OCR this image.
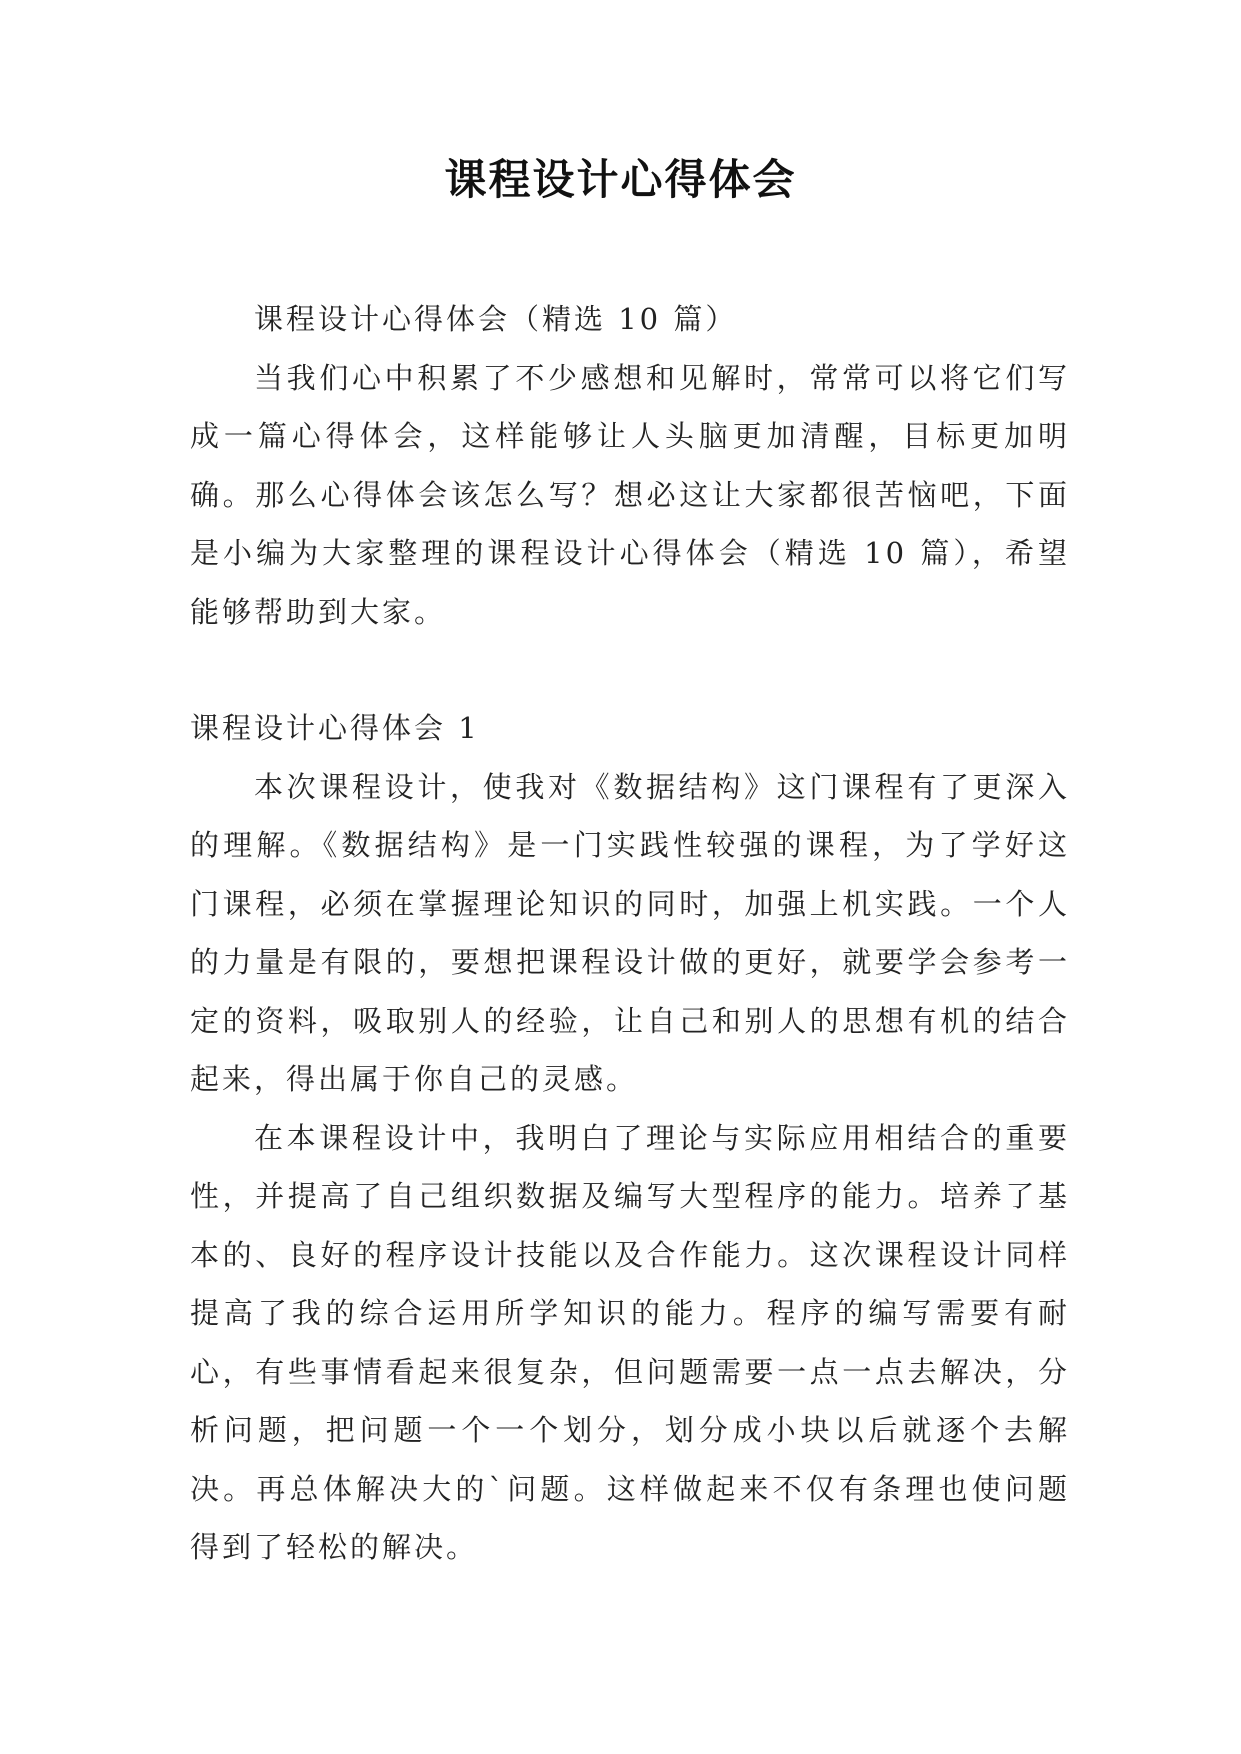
课程设计心得体会

课程设计心得体会（精选 10 篇）

当我们心中积累了不少感想和见解时，常常可以将它们写成一篇心得体会，这样能够让人头脑更加清醒，目标更加明确。那么心得体会该怎么写？想必这让大家都很苦恼吧，下面是小编为大家整理的课程设计心得体会（精选 10 篇），希望能够帮助到大家。

课程设计心得体会 1

本次课程设计，使我对《数据结构》这门课程有了更深入的理解。《数据结构》是一门实践性较强的课程，为了学好这门课程，必须在掌握理论知识的同时，加强上机实践。一个人的力量是有限的，要想把课程设计做的更好，就要学会参考一定的资料，吸取别人的经验，让自己和别人的思想有机的结合起来，得出属于你自己的灵感。

在本课程设计中，我明白了理论与实际应用相结合的重要性，并提高了自己组织数据及编写大型程序的能力。培养了基本的、良好的程序设计技能以及合作能力。这次课程设计同样提高了我的综合运用所学知识的能力。程序的编写需要有耐心，有些事情看起来很复杂，但问题需要一点一点去解决，分析问题，把问题一个一个划分，划分成小块以后就逐个去解决。再总体解决大的`问题。这样做起来不仅有条理也使问题得到了轻松的解决。
